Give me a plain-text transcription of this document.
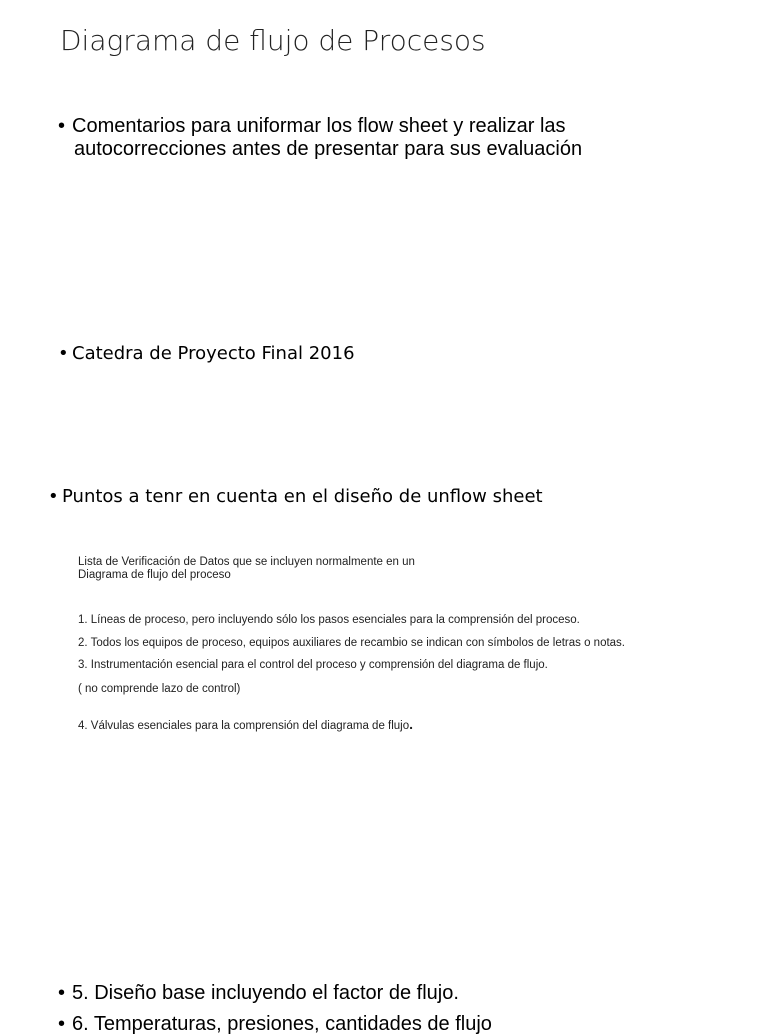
Diagrama de flujo de Procesos
• Comentarios para uniformar los flow sheet y realizar las
autocorrecciones antes de presentar para sus evaluación
• Catedra de Proyecto Final 2016
• Puntos a tenr en cuenta en el diseño de unflow sheet
Lista de Verificación de Datos que se incluyen normalmente en un
Diagrama de flujo del proceso
1. Líneas de proceso, pero incluyendo sólo los pasos esenciales para la comprensión del proceso.
2. Todos los equipos de proceso, equipos auxiliares de recambio se indican con símbolos de letras o notas.
3. Instrumentación esencial para el control del proceso y comprensión del diagrama de flujo.
( no comprende lazo de control)
4. Válvulas esenciales para la comprensión del diagrama de flujo.
• 5. Diseño base incluyendo el factor de flujo.
• 6. Temperaturas, presiones, cantidades de flujo
